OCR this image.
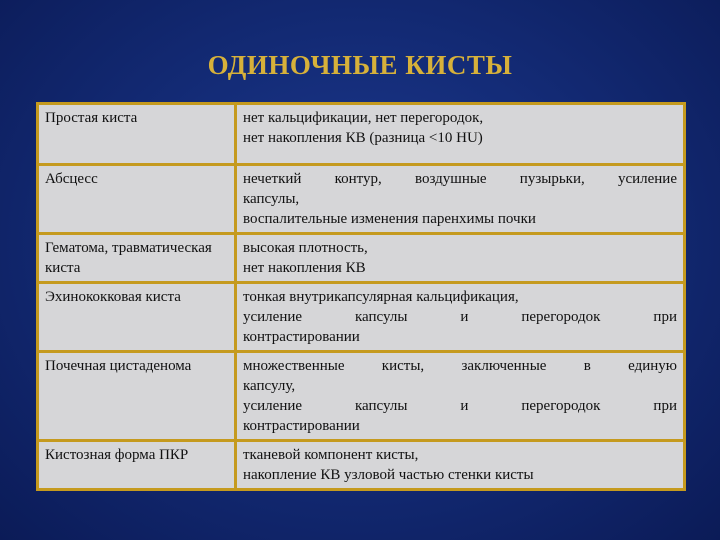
ОДИНОЧНЫЕ КИСТЫ
Простая киста	нет кальцификации, нет перегородок,
нет накопления КВ (разница <10 HU)

Абсцесс	нечеткий контур, воздушные пузырьки, усиление
капсулы,
воспалительные изменения паренхимы почки

Гематома, травматическая киста	высокая плотность,
нет накопления КВ

Эхинококковая киста	тонкая внутрикапсулярная кальцификация,
усиление капсулы и перегородок при
контрастировании

Почечная цистаденома	множественные кисты, заключенные в единую
капсулу,
усиление капсулы и перегородок при
контрастировании

Кистозная форма ПКР	тканевой компонент кисты,
накопление КВ узловой частью стенки кисты
